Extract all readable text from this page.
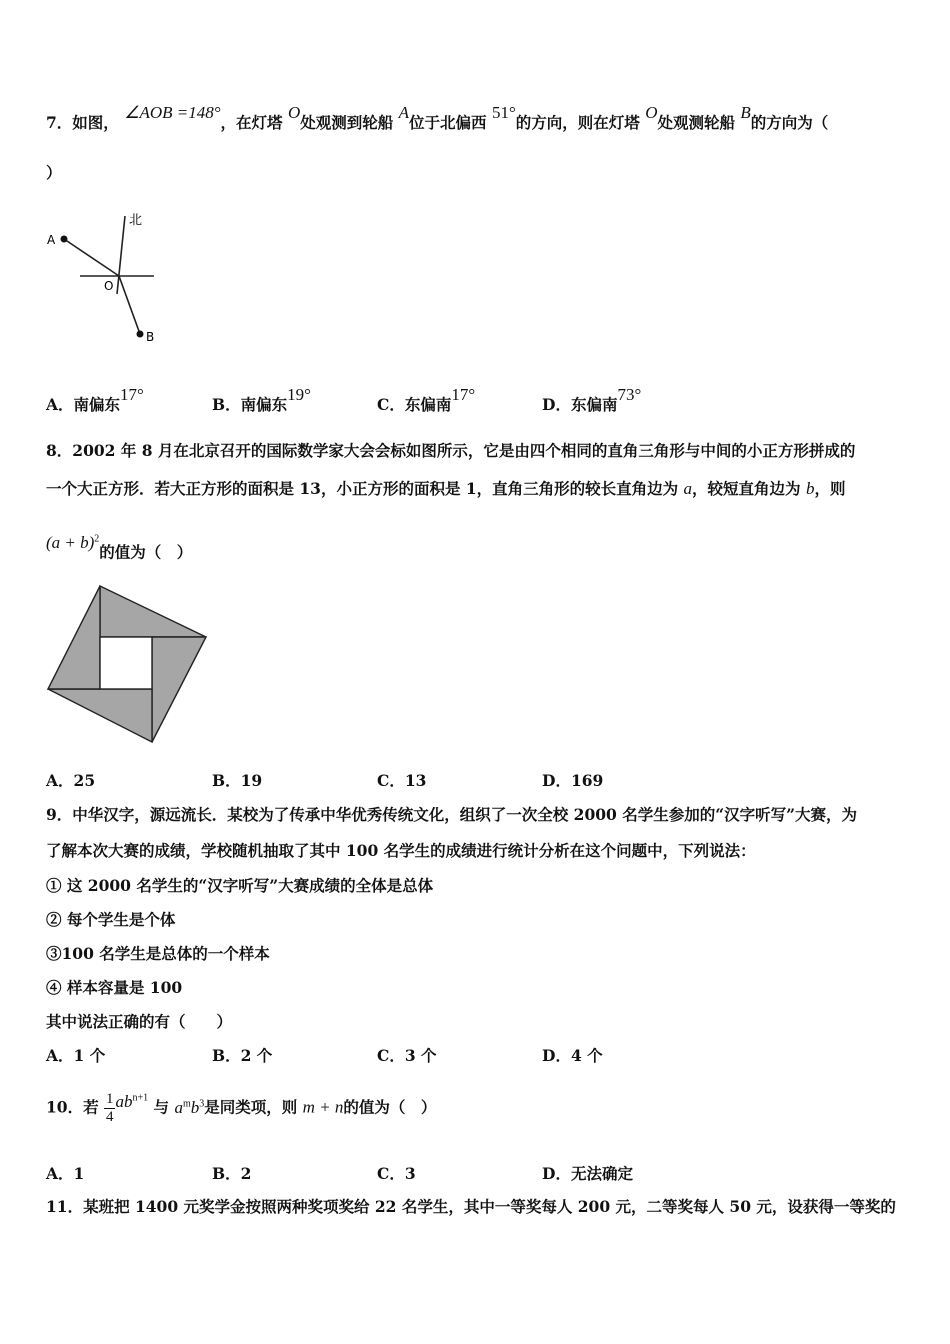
7．如图， ∠AOB =148°，在灯塔 O处观测到轮船 A位于北偏西 51°的方向，则在灯塔 O处观测轮船 B的方向为（
）
北
A
O
B
A．南偏东17°
B．南偏东19°
C．东偏南17°
D．东偏南73°
8．2002 年 8 月在北京召开的国际数学家大会会标如图所示，它是由四个相同的直角三角形与中间的小正方形拼成的
一个大正方形．若大正方形的面积是 13，小正方形的面积是 1，直角三角形的较长直角边为 a，较短直角边为 b，则
$(a + b)^2$的值为（　）
A．25	B．19	C．13	D．169
9．中华汉字，源远流长．某校为了传承中华优秀传统文化，组织了一次全校 2000 名学生参加的“汉字听写”大赛，为
了解本次大赛的成绩，学校随机抽取了其中 100 名学生的成绩进行统计分析在这个问题中，下列说法：
① 这 2000 名学生的“汉字听写”大赛成绩的全体是总体
② 每个学生是个体
③100 名学生是总体的一个样本
④ 样本容量是 100
其中说法正确的有（　　）
A．1 个	B．2 个	C．3 个	D．4 个
10．若 $\frac{1}{4} ab^{n+1}$ 与 $a^mb^3$是同类项，则 m + n的值为（　）
A．1	B．2	C．3	D．无法确定
11．某班把 1400 元奖学金按照两种奖项奖给 22 名学生，其中一等奖每人 200 元，二等奖每人 50 元，设获得一等奖的
